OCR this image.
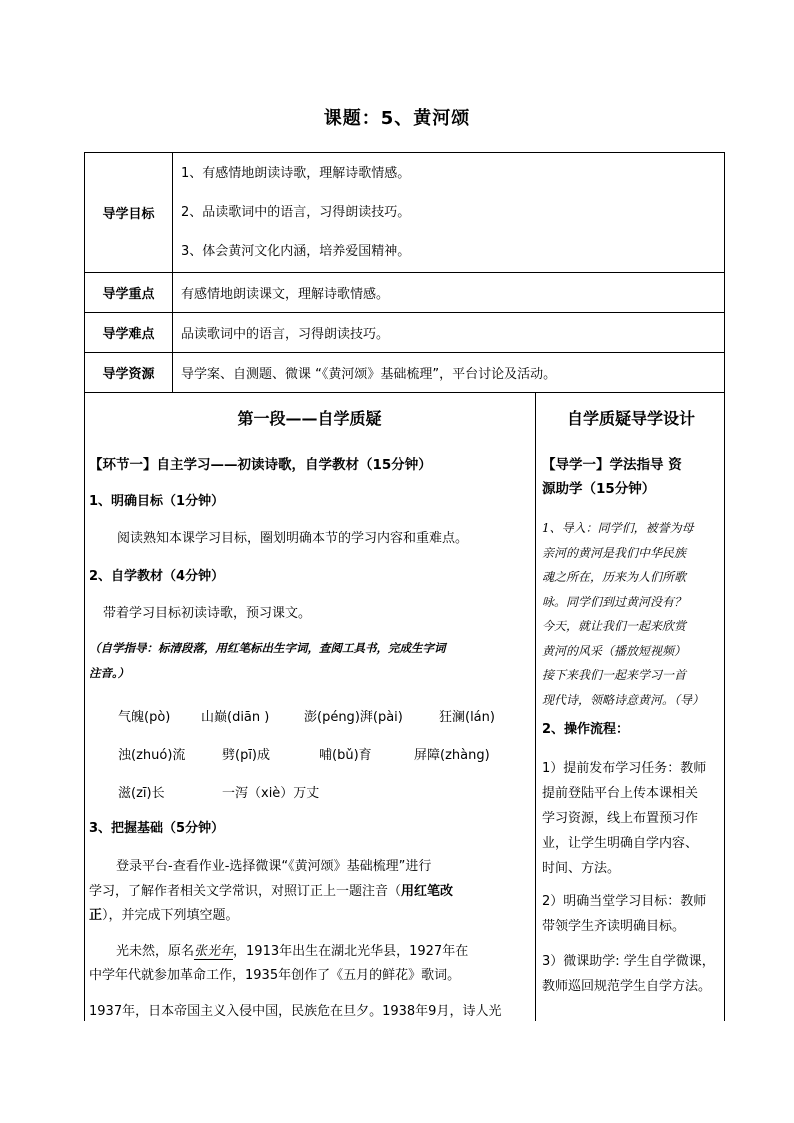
课题：5、黄河颂
导学目标	1、有感情地朗读诗歌，理解诗歌情感。
2、品读歌词中的语言，习得朗读技巧。
3、体会黄河文化内涵，培养爱国精神。

导学重点	有感情地朗读课文，理解诗歌情感。
导学难点	品读歌词中的语言，习得朗读技巧。
导学资源	导学案、自测题、微课 “《黄河颂》基础梳理”，平台讨论及活动。
第一段——自学质疑
【环节一】自主学习——初读诗歌，自学教材（15分钟）
1、明确目标（1分钟）
阅读熟知本课学习目标，圈划明确本节的学习内容和重难点。
2、自学教材（4分钟）
带着学习目标初读诗歌，预习课文。
（自学指导：标清段落，用红笔标出生字词，查阅工具书，完成生字词
注音。）
气魄(pò) 山巅(diān )	澎(péng)湃(pài)	狂澜(lán)
浊(zhuó)流	劈(pī)成	哺(bǔ)育	屏障(zhàng)
滋(zī)长	一泻（xiè）万丈
3、把握基础（5分钟）
登录平台-查看作业-选择微课“《黄河颂》基础梳理”进行
学习，了解作者相关文学常识，对照订正上一题注音（用红笔改
正），并完成下列填空题。
光未然，原名张光年，1913年出生在湖北光华县，1927年在
中学年代就参加革命工作，1935年创作了《五月的鲜花》歌词。
1937年，日本帝国主义入侵中国，民族危在旦夕。1938年9月，诗人光
自学质疑导学设计
【导学一】学法指导 资
源助学（15分钟）
1、导入：同学们，被誉为母
亲河的黄河是我们中华民族
魂之所在，历来为人们所歌
咏。同学们到过黄河没有？
今天，就让我们一起来欣赏
黄河的风采（播放短视频）
接下来我们一起来学习一首
现代诗，领略诗意黄河。（导）
2、操作流程：
1）提前发布学习任务：教师
提前登陆平台上传本课相关
学习资源，线上布置预习作
业，让学生明确自学内容、
时间、方法。
2）明确当堂学习目标：教师
带领学生齐读明确目标。
3）微课助学: 学生自学微课，
教师巡回规范学生自学方法。
